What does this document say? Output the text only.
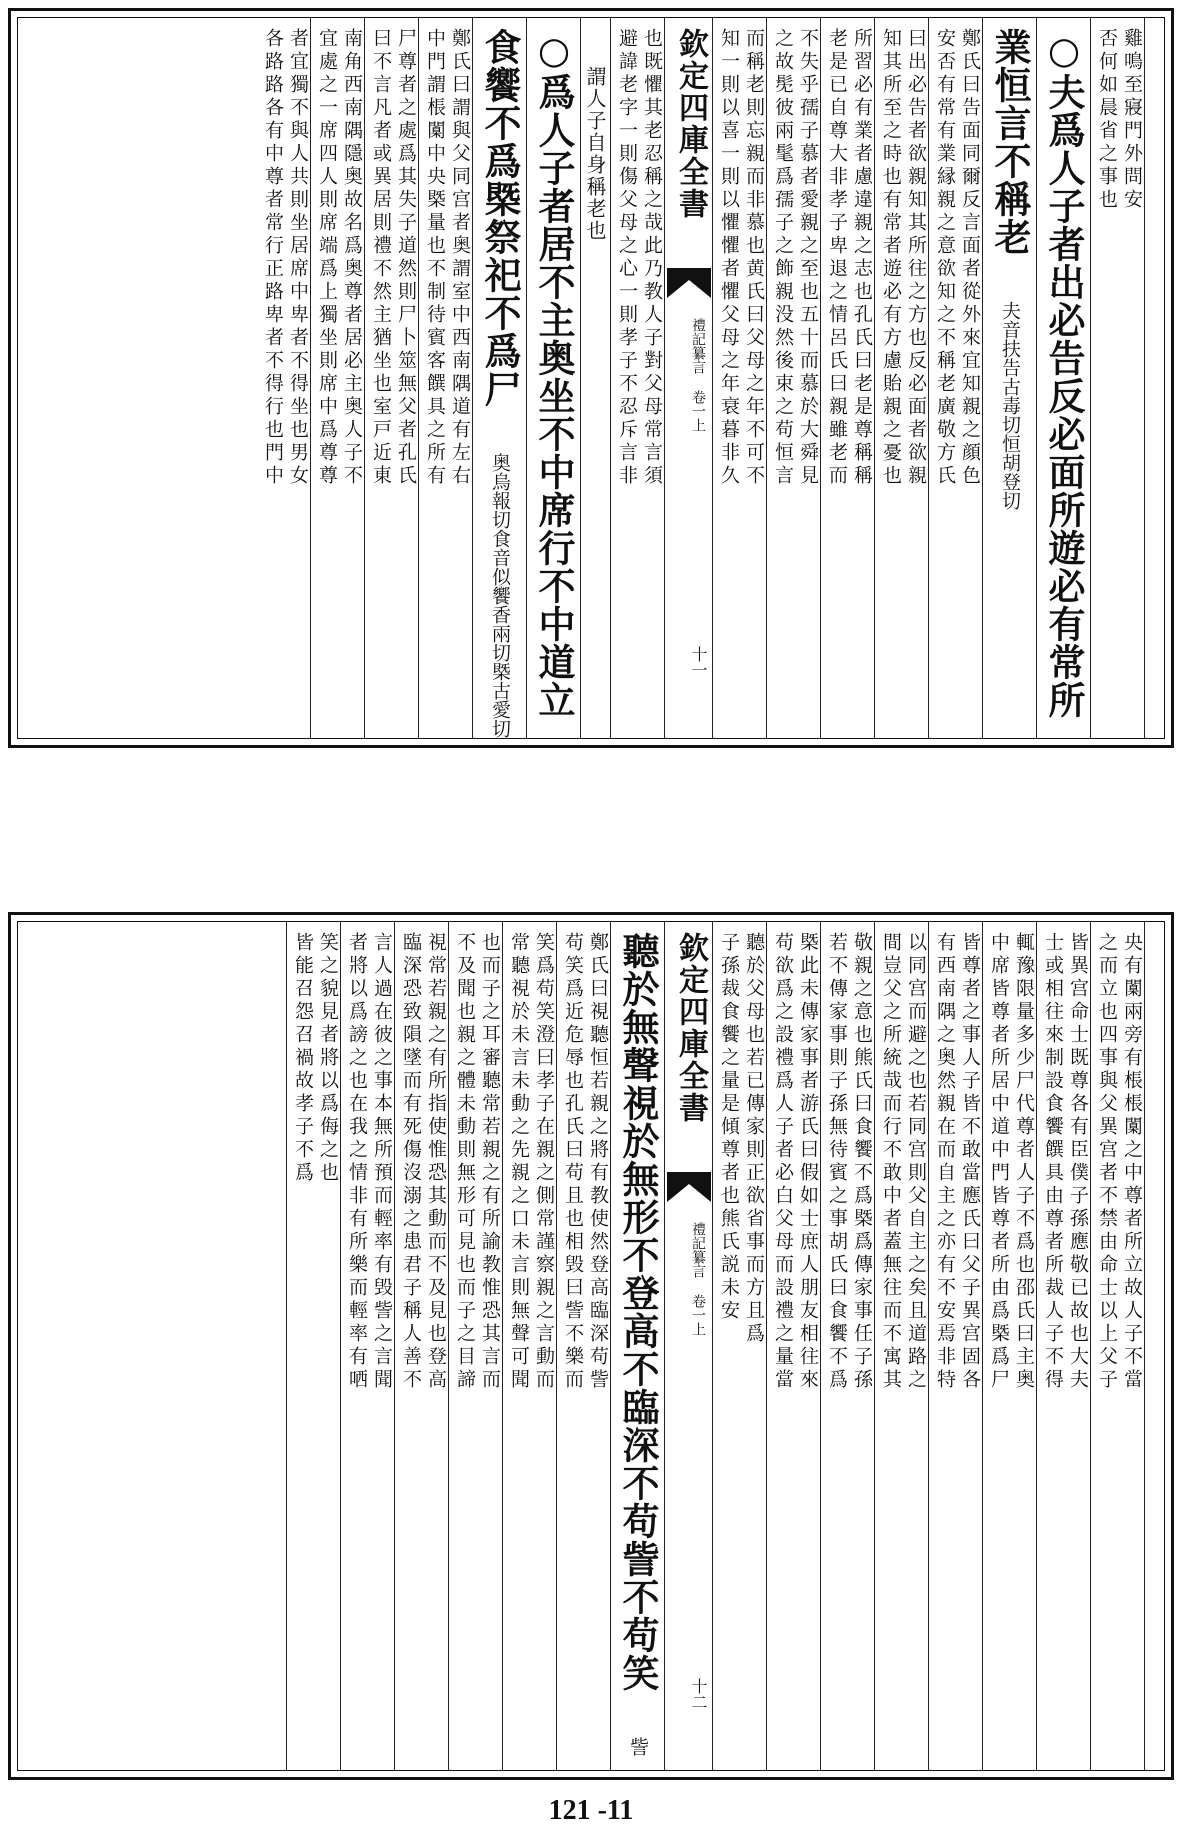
雞鳴至寢門外問安
否何如晨省之事也
○夫爲人子者出必告反必面所遊必有常所
業恒言不稱老 夫音扶告古毒切恒胡登切
鄭氏曰告面同爾反言面者從外來宜知親之顔色
安否有常有業縁親之意欲知之不稱老廣敬方氏
曰出必告者欲親知其所往之方也反必面者欲親
知其所至之時也有常者遊必有方慮貽親之憂也
所習必有業者慮違親之志也孔氏曰老是尊稱稱
老是已自尊大非孝子卑退之情呂氏曰親雖老而
不失乎孺子慕者愛親之至也五十而慕於大舜見
之故髧彼兩髦爲孺子之飾親没然後束之苟恒言
而稱老則忘親而非慕也黄氏曰父母之年不可不
知一則以喜一則以懼懼者懼父母之年衰暮非久
欽定四庫全書
禮記纂言 卷一上
十一
也既懼其老忍稱之哉此乃教人子對父母常言須
避諱老字一則傷父母之心一則孝子不忍斥言非
謂人子自身稱老也
○爲人子者居不主奥坐不中席行不中道立
食饗不爲槩祭祀不爲尸 奥烏報切食音似饗香兩切槩古愛切
鄭氏曰謂與父同宫者奥謂室中西南隅道有左右
中門謂棖闑中央槩量也不制待賓客饌具之所有
尸尊者之處爲其失子道然則尸卜筮無父者孔氏
曰不言凡者或異居則禮不然主猶坐也室戸近東
南角西南隅隱奥故名爲奥尊者居必主奥人子不
宜處之一席四人則席端爲上獨坐則席中爲尊尊
者宜獨不與人共則坐居席中卑者不得坐也男女
各路路各有中尊者常行正路卑者不得行也門中
央有闑兩旁有棖棖闑之中尊者所立故人子不當
之而立也四事與父異宫者不禁由命士以上父子
皆異宫命士既尊各有臣僕子孫應敬已故也大夫
士或相往來制設食饗饌具由尊者所裁人子不得
輒豫限量多少尸代尊者人子不爲也邵氏曰主奥
中席皆尊者所居中道中門皆尊者所由爲槩爲尸
皆尊者之事人子皆不敢當應氏曰父子異宫固各
有西南隅之奥然親在而自主之亦有不安焉非特
以同宫而避之也若同宫則父自主之矣且道路之
間豈父之所統哉而行不敢中者蓋無往而不寓其
敬親之意也熊氏曰食饗不爲槩爲傳家事任子孫
若不傳家事則子孫無待賓之事胡氏曰食饗不爲
槩此未傳家事者游氏曰假如士庶人朋友相往來
苟欲爲之設禮爲人子者必白父母而設禮之量當
聽於父母也若已傳家則正欲省事而方且爲
子孫裁食饗之量是傾尊者也熊氏説未安
欽定四庫全書
禮記纂言 卷一上
十二
聽於無聲視於無形不登高不臨深不苟訾不苟笑 訾
鄭氏曰視聽恒若親之將有教使然登高臨深苟訾
苟笑爲近危辱也孔氏曰苟且也相毁曰訾不樂而
笑爲苟笑澄曰孝子在親之側常謹察親之言動而
常聽視於未言未動之先親之口未言則無聲可聞
也而子之耳審聽常若親之有所諭教惟恐其言而
不及聞也親之體未動則無形可見也而子之目諦
視常若親之有所指使惟恐其動而不及見也登高
臨深恐致隕墜而有死傷沒溺之患君子稱人善不
言人過在彼之事本無所預而輕率有毁訾之言聞
者將以爲謗之也在我之情非有所樂而輕率有哂
笑之貌見者將以爲侮之也
皆能召怨召禍故孝子不爲
121 -11
